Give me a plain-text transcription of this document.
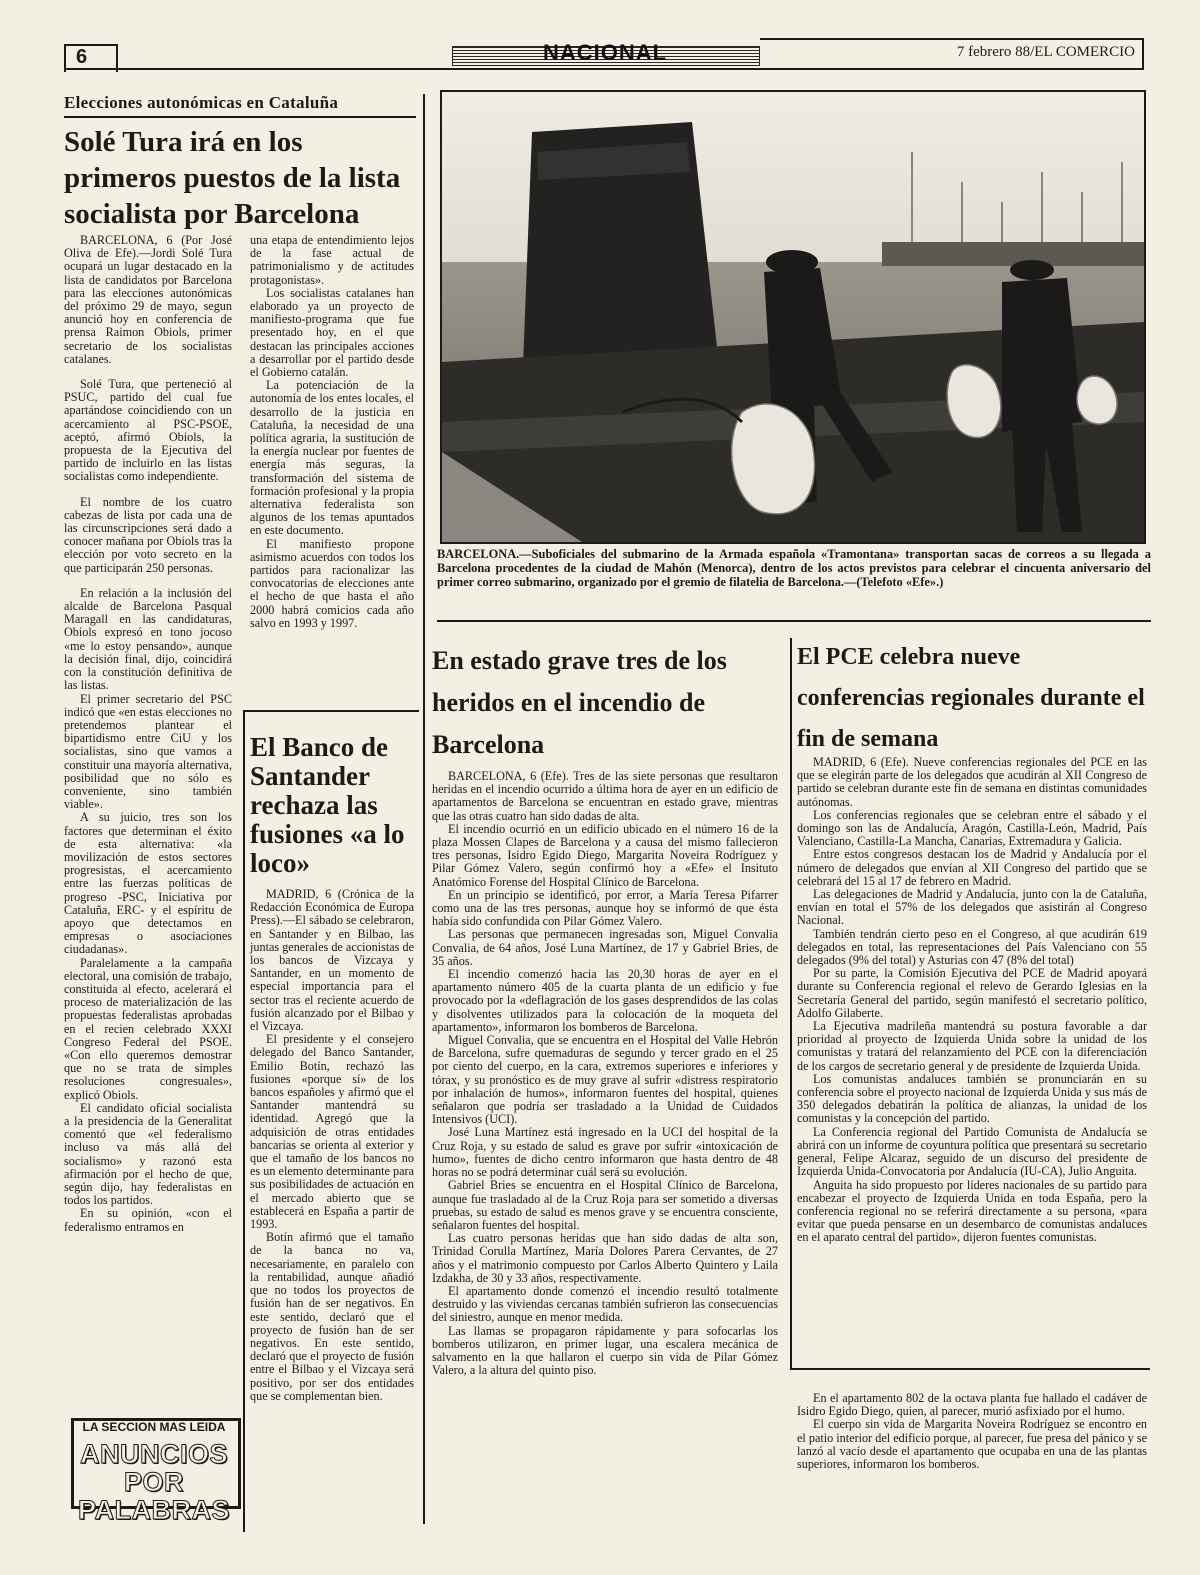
6	NACIONAL	7 febrero 88/EL COMERCIO
Elecciones autonómicas en Cataluña
Solé Tura irá en los primeros puestos de la lista socialista por Barcelona

BARCELONA, 6 (Por José Oliva de Efe).—Jordi Solé Tura ocupará un lugar destacado en la lista de candidatos por Barcelona para las elecciones autonómicas del próximo 29 de mayo, segun anunció hoy en conferencia de prensa Raimon Obiols, primer secretario de los socialistas catalanes.

Solé Tura, que perteneció al PSUC, partido del cual fue apartándose coincidiendo con un acercamiento al PSC-PSOE, aceptó, afirmó Obiols, la propuesta de la Ejecutiva del partido de incluirlo en las listas socialistas como independiente.

El nombre de los cuatro cabezas de lista por cada una de las circunscripciones será dado a conocer mañana por Obiols tras la elección por voto secreto en la que participarán 250 personas.

En relación a la inclusión del alcalde de Barcelona Pasqual Maragall en las candidaturas, Obiols expresó en tono jocoso «me lo estoy pensando», aunque la decisión final, dijo, coincidirá con la constitución definitiva de las listas.

El primer secretario del PSC indicó que «en estas elecciones no pretendemos plantear el bipartidismo entre CiU y los socialistas, sino que vamos a constituir una mayoría alternativa, posibilidad que no sólo es conveniente, sino también viable».

A su juicio, tres son los factores que determinan el éxito de esta alternativa: «la movilización de estos sectores progresistas, el acercamiento entre las fuerzas políticas de progreso -PSC, Iniciativa por Cataluña, ERC- y el espíritu de apoyo que detectamos en empresas o asociaciones ciudadanas».

Paralelamente a la campaña electoral, una comisión de trabajo, constituida al efecto, acelerará el proceso de materialización de las propuestas federalistas aprobadas en el recien celebrado XXXI Congreso Federal del PSOE. «Con ello queremos demostrar que no se trata de simples resoluciones congresuales», explicó Obiols.

El candidato oficial socialista a la presidencia de la Generalitat comentó que «el federalismo incluso va más allá del socialismo» y razonó esta afirmación por el hecho de que, según dijo, hay federalistas en todos los partidos.

En su opinión, «con el federalismo entramos en

una etapa de entendimiento lejos de la fase actual de patrimonialismo y de actitudes protagonistas».

Los socialistas catalanes han elaborado ya un proyecto de manifiesto-programa que fue presentado hoy, en el que destacan las principales acciones a desarrollar por el partido desde el Gobierno catalán.

La potenciación de la autonomía de los entes locales, el desarrollo de la justicia en Cataluña, la necesidad de una política agraria, la sustitución de la energía nuclear por fuentes de energía más seguras, la transformación del sistema de formación profesional y la propia alternativa federalista son algunos de los temas apuntados en este documento.

El manifiesto propone asimismo acuerdos con todos los partidos para racionalizar las convocatorias de elecciones ante el hecho de que hasta el año 2000 habrá comicios cada año salvo en 1993 y 1997.

El Banco de Santander rechaza las fusiones «a lo loco»

MADRID, 6 (Crónica de la Redacción Económica de Europa Press).—El sábado se celebraron, en Santander y en Bilbao, las juntas generales de accionistas de los bancos de Vizcaya y Santander, en un momento de especial importancia para el sector tras el reciente acuerdo de fusión alcanzado por el Bilbao y el Vizcaya.

El presidente y el consejero delegado del Banco Santander, Emilio Botín, rechazó las fusiones «porque sí» de los bancos españoles y afirmó que el Santander mantendrá su identidad. Agregó que la adquisición de otras entidades bancarias se orienta al exterior y que el tamaño de los bancos no es un elemento determinante para sus posibilidades de actuación en el mercado abierto que se establecerá en España a partir de 1993.

Botín afirmó que el tamaño de la banca no va, necesariamente, en paralelo con la rentabilidad, aunque añadió que no todos los proyectos de fusión han de ser negativos. En este sentido, declaró que el proyecto de fusión han de ser negativos. En este sentido, declaró que el proyecto de fusión entre el Bilbao y el Vizcaya será positivo, por ser dos entidades que se complementan bien.

LA SECCION MAS LEIDA
ANUNCIOS
POR PALABRAS
BARCELONA.—Suboficiales del submarino de la Armada española «Tramontana» transportan sacas de correos a su llegada a Barcelona procedentes de la ciudad de Mahón (Menorca), dentro de los actos previstos para celebrar el cincuenta aniversario del primer correo submarino, organizado por el gremio de filatelia de Barcelona.—(Telefoto «Efe».)
En estado grave tres de los heridos en el incendio de Barcelona

BARCELONA, 6 (Efe). Tres de las siete personas que resultaron heridas en el incendio ocurrido a última hora de ayer en un edificio de apartamentos de Barcelona se encuentran en estado grave, mientras que las otras cuatro han sido dadas de alta.

El incendio ocurrió en un edificio ubicado en el número 16 de la plaza Mossen Clapes de Barcelona y a causa del mismo fallecieron tres personas, Isidro Egido Diego, Margarita Noveira Rodríguez y Pilar Gómez Valero, según confirmó hoy a «Efe» el Insituto Anatómico Forense del Hospital Clínico de Barcelona.

En un principio se identificó, por error, a María Teresa Pifarrer como una de las tres personas, aunque hoy se informó de que ésta había sido confundida con Pilar Gómez Valero.

Las personas que permanecen ingresadas son, Miguel Convalia Convalia, de 64 años, José Luna Martínez, de 17 y Gabriel Bries, de 35 años.

El incendio comenzó hacia las 20,30 horas de ayer en el apartamento número 405 de la cuarta planta de un edificio y fue provocado por la «deflagración de los gases desprendidos de las colas y disolventes utilizados para la colocación de la moqueta del apartamento», informaron los bomberos de Barcelona.

Miguel Convalia, que se encuentra en el Hospital del Valle Hebrón de Barcelona, sufre quemaduras de segundo y tercer grado en el 25 por ciento del cuerpo, en la cara, extremos superiores e inferiores y tórax, y su pronóstico es de muy grave al sufrir «distress respiratorio por inhalación de humos», informaron fuentes del hospital, quienes señalaron que podría ser trasladado a la Unidad de Cuidados Intensivos (UCI).

José Luna Martínez está ingresado en la UCI del hospital de la Cruz Roja, y su estado de salud es grave por sufrir «intoxicación de humo», fuentes de dicho centro informaron que hasta dentro de 48 horas no se podrá determinar cuál será su evolución.

Gabriel Bries se encuentra en el Hospital Clínico de Barcelona, aunque fue trasladado al de la Cruz Roja para ser sometido a diversas pruebas, su estado de salud es menos grave y se encuentra consciente, señalaron fuentes del hospital.

Las cuatro personas heridas que han sido dadas de alta son, Trinidad Corulla Martínez, María Dolores Parera Cervantes, de 27 años y el matrimonio compuesto por Carlos Alberto Quintero y Laila Izdakha, de 30 y 33 años, respectivamente.

El apartamento donde comenzó el incendio resultó totalmente destruido y las viviendas cercanas también sufrieron las consecuencias del siniestro, aunque en menor medida.

Las llamas se propagaron rápidamente y para sofocarlas los bomberos utilizaron, en primer lugar, una escalera mecánica de salvamento en la que hallaron el cuerpo sin vida de Pilar Gómez Valero, a la altura del quinto piso.

El PCE celebra nueve conferencias regionales durante el fin de semana

MADRID, 6 (Efe). Nueve conferencias regionales del PCE en las que se elegirán parte de los delegados que acudirán al XII Congreso de partido se celebran durante este fin de semana en distintas comunidades autónomas.

Los conferencias regionales que se celebran entre el sábado y el domingo son las de Andalucía, Aragón, Castilla-León, Madrid, País Valenciano, Castilla-La Mancha, Canarias, Extremadura y Galicia.

Entre estos congresos destacan los de Madrid y Andalucía por el número de delegados que envían al XII Congreso del partido que se celebrará del 15 al 17 de febrero en Madrid.

Las delegaciones de Madrid y Andalucía, junto con la de Cataluña, envían en total el 57% de los delegados que asistirán al Congreso Nacional.

También tendrán cierto peso en el Congreso, al que acudirán 619 delegados en total, las representaciones del País Valenciano con 55 delegados (9% del total) y Asturias con 47 (8% del total)

Por su parte, la Comisión Ejecutiva del PCE de Madrid apoyará durante su Conferencia regional el relevo de Gerardo Iglesias en la Secretaría General del partido, según manifestó el secretario político, Adolfo Gilaberte.

La Ejecutiva madrileña mantendrá su postura favorable a dar prioridad al proyecto de Izquierda Unida sobre la unidad de los comunistas y tratará del relanzamiento del PCE con la diferenciación de los cargos de secretario general y de presidente de Izquierda Unida.

Los comunistas andaluces también se pronunciarán en su conferencia sobre el proyecto nacional de Izquierda Unida y sus más de 350 delegados debatirán la política de alianzas, la unidad de los comunistas y la concepción del partido.

La Conferencia regional del Partido Comunista de Andalucía se abrirá con un informe de coyuntura política que presentará su secretario general, Felipe Alcaraz, seguido de un discurso del presidente de Izquierda Unida-Convocatoria por Andalucía (IU-CA), Julio Anguita.

Anguita ha sido propuesto por líderes nacionales de su partido para encabezar el proyecto de Izquierda Unida en toda España, pero la conferencia regional no se referirá directamente a su persona, «para evitar que pueda pensarse en un desembarco de comunistas andaluces en el aparato central del partido», dijeron fuentes comunistas.

En el apartamento 802 de la octava planta fue hallado el cadáver de Isidro Egido Diego, quien, al parecer, murió asfixiado por el humo.

El cuerpo sin vida de Margarita Noveira Rodríguez se encontro en el patio interior del edificio porque, al parecer, fue presa del pánico y se lanzó al vacío desde el apartamento que ocupaba en una de las plantas superiores, informaron los bomberos.
